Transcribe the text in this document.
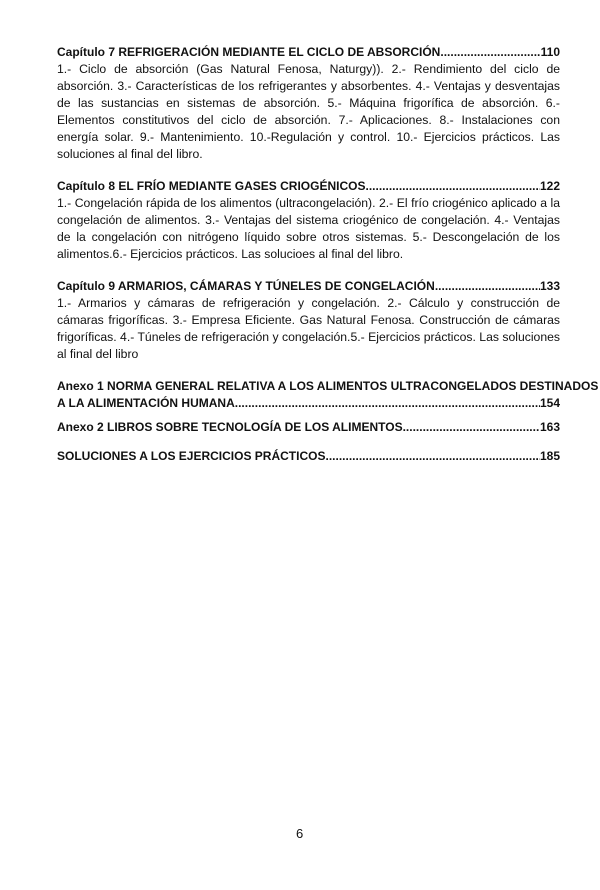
Capítulo 7 REFRIGERACIÓN MEDIANTE EL CICLO DE ABSORCIÓN .....	110

1.- Ciclo de absorción (Gas Natural Fenosa, Naturgy)). 2.- Rendimiento del ciclo de absorción. 3.- Características de los refrigerantes y absorbentes. 4.- Ventajas y desventajas de las sustancias en sistemas de absorción. 5.- Máquina frigorífica de absorción. 6.- Elementos constitutivos del ciclo de absorción. 7.- Aplicaciones. 8.- Instalaciones con energía solar. 9.- Mantenimiento. 10.-Regulación y control. 10.- Ejercicios prácticos. Las soluciones al final del libro.

Capítulo 8 EL FRÍO MEDIANTE GASES CRIOGÉNICOS .....	122

1.- Congelación rápida de los alimentos (ultracongelación). 2.- El frío criogénico aplicado a la congelación de alimentos. 3.- Ventajas del sistema criogénico de congelación. 4.- Ventajas de la congelación con nitrógeno líquido sobre otros sistemas. 5.- Descongelación de los alimentos.6.- Ejercicios prácticos. Las solucioes al final del libro.

Capítulo 9 ARMARIOS, CÁMARAS Y TÚNELES DE CONGELACIÓN .....	133

1.- Armarios y cámaras de refrigeración y congelación. 2.- Cálculo y construcción de cámaras frigoríficas. 3.- Empresa Eficiente. Gas Natural Fenosa. Construcción de cámaras frigoríficas. 4.- Túneles de refrigeración y congelación.5.- Ejercicios prácticos. Las soluciones al final del libro

Anexo 1 NORMA GENERAL RELATIVA A LOS ALIMENTOS ULTRACONGELADOS DESTINADOS
A LA ALIMENTACIÓN HUMANA .....	154
Anexo 2 LIBROS SOBRE TECNOLOGÍA DE LOS ALIMENTOS .....	163
SOLUCIONES A LOS EJERCICIOS PRÁCTICOS .....	185
6
